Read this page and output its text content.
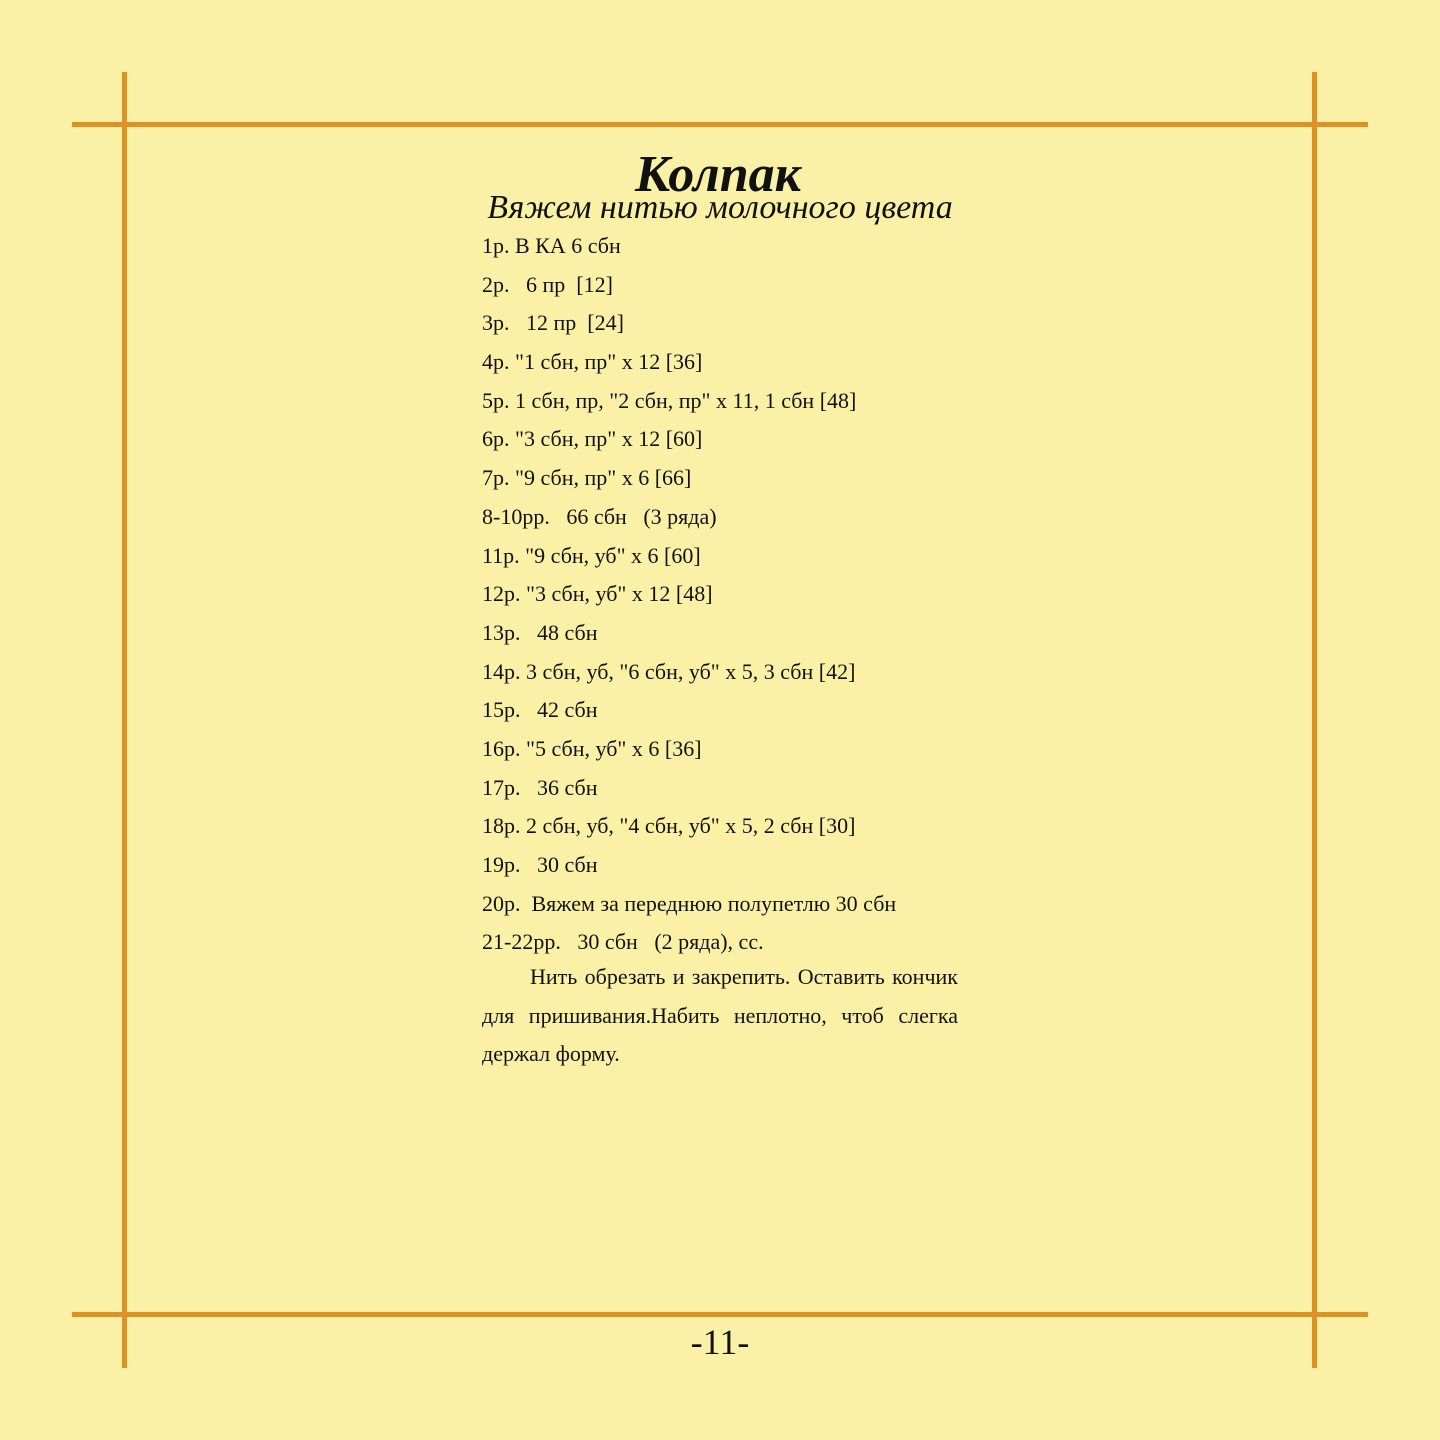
Колпак
Вяжем нитью молочного цвета
1р. В КА 6 сбн
2р.   6 пр  [12]
3р.   12 пр  [24]
4р. "1 сбн, пр" х 12 [36]
5р. 1 сбн, пр, "2 сбн, пр" х 11, 1 сбн [48]
6р. "3 сбн, пр" х 12 [60]
7р. "9 сбн, пр" х 6 [66]
8-10рр.   66 сбн   (3 ряда)
11р. "9 сбн, уб" х 6 [60]
12р. "3 сбн, уб" х 12 [48]
13р.   48 сбн
14р. 3 сбн, уб, "6 сбн, уб" х 5, 3 сбн [42]
15р.   42 сбн
16р. "5 сбн, уб" х 6 [36]
17р.   36 сбн
18р. 2 сбн, уб, "4 сбн, уб" х 5, 2 сбн [30]
19р.   30 сбн
20р.  Вяжем за переднюю полупетлю 30 сбн
21-22рр.   30 сбн   (2 ряда), сс.

Нить обрезать и закрепить. Оставить кончик для пришивания.Набить неплотно, чтоб слегка держал форму.

-11-
